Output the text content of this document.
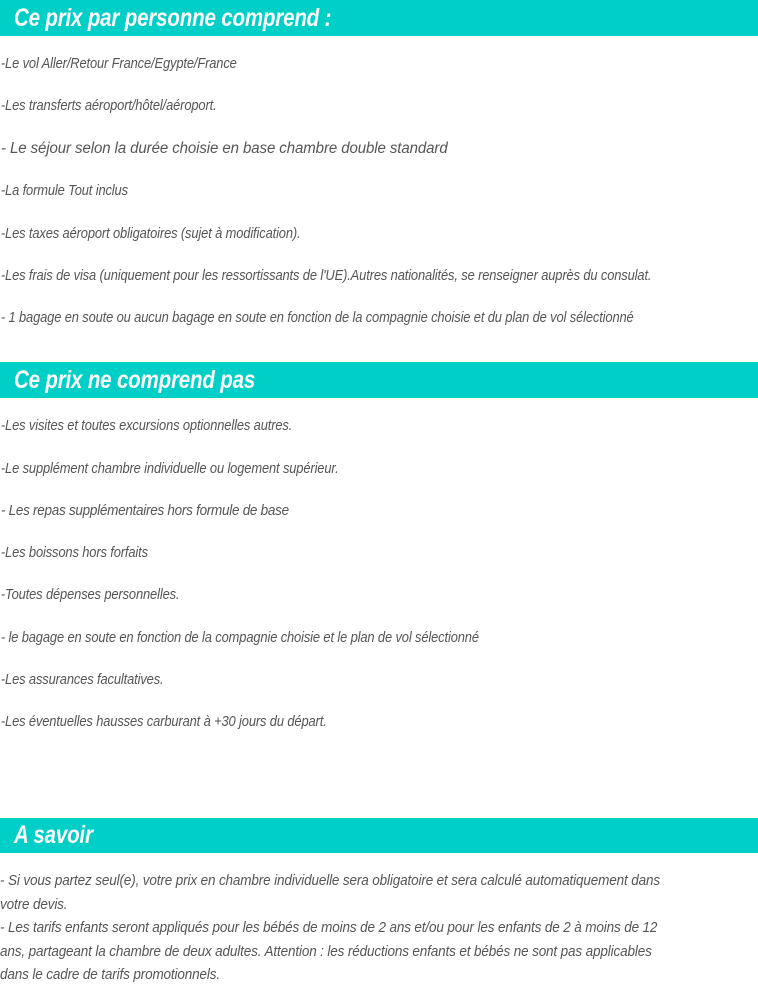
Ce prix par personne comprend :
-Le vol Aller/Retour France/Egypte/France
-Les transferts aéroport/hôtel/aéroport.
- Le séjour selon la durée choisie en base chambre double standard
-La formule Tout inclus
-Les taxes aéroport obligatoires (sujet à modification).
-Les frais de visa (uniquement pour les ressortissants de l'UE).Autres nationalités, se renseigner auprès du consulat.
- 1 bagage en soute ou aucun bagage en soute en fonction de la compagnie choisie et du plan de vol sélectionné
Ce prix ne comprend pas
-Les visites et toutes excursions optionnelles autres.
-Le supplément chambre individuelle ou logement supérieur.
- Les repas supplémentaires hors formule de base
-Les boissons hors forfaits
-Toutes dépenses personnelles.
- le bagage en soute en fonction de la compagnie choisie et le plan de vol sélectionné
-Les assurances facultatives.
-Les éventuelles hausses carburant à +30 jours du départ.
A savoir

- Si vous partez seul(e), votre prix en chambre individuelle sera obligatoire et sera calculé automatiquement dans votre devis.

- Les tarifs enfants seront appliqués pour les bébés de moins de 2 ans et/ou pour les enfants de 2 à moins de 12 ans, partageant la chambre de deux adultes. Attention : les réductions enfants et bébés ne sont pas applicables dans le cadre de tarifs promotionnels.
